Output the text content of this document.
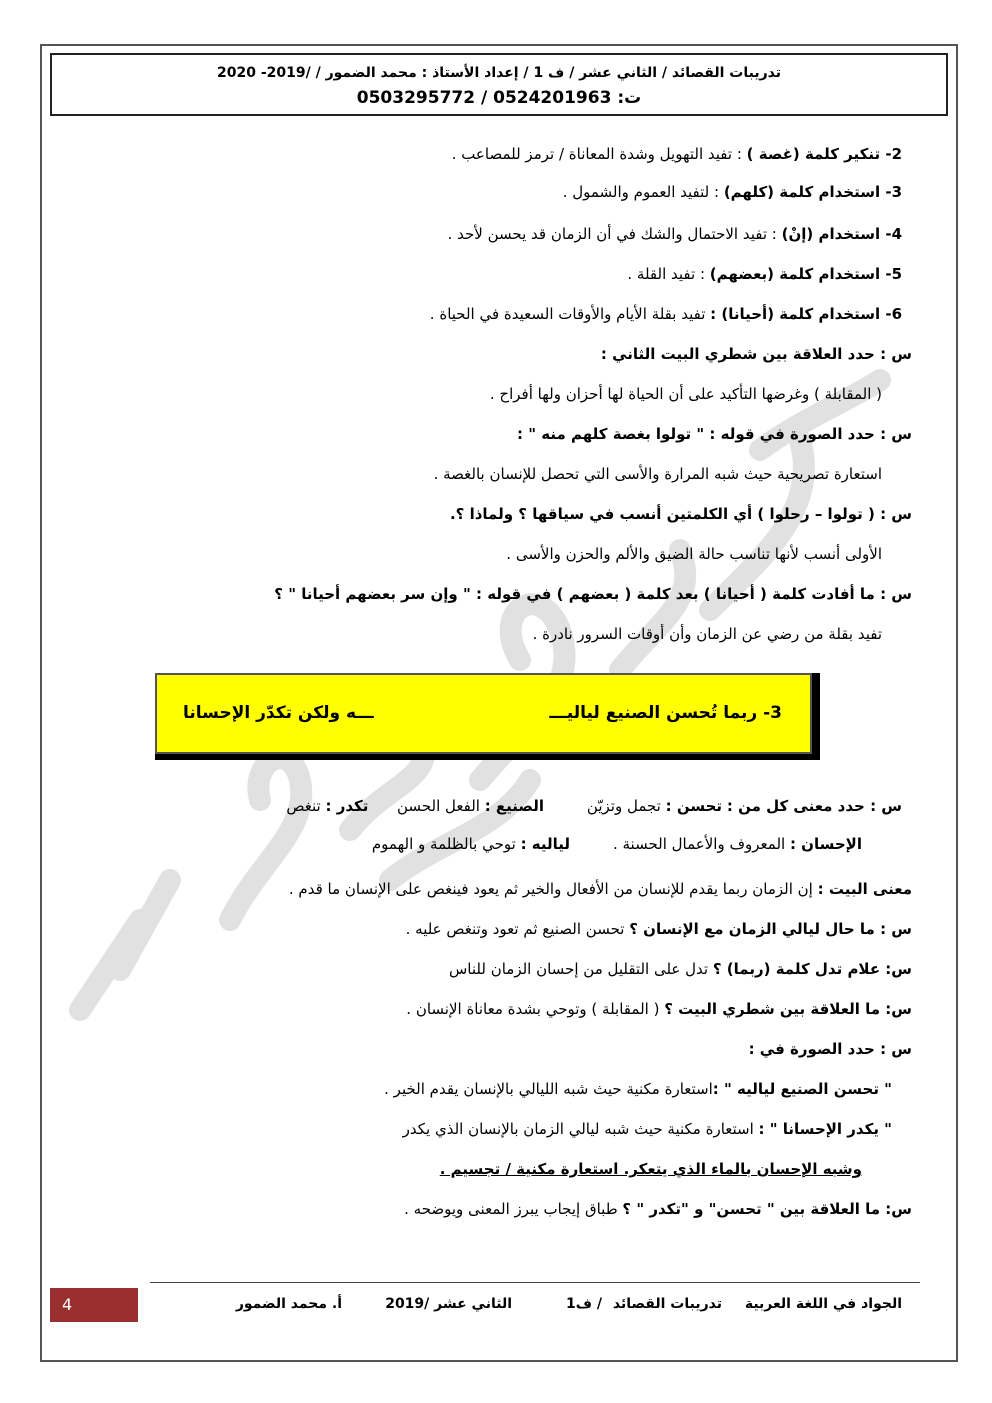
تدريبات القصائد / الثاني عشر / ف 1 / إعداد الأستاذ : محمد الضمور / /2019- 2020
ت: 0524201963 / 0503295772
2- تنكير كلمة (غصة ) : تفيد التهويل وشدة المعاناة / ترمز للمصاعب .
3- استخدام كلمة (كلهم) : لتفيد العموم والشمول .
4- استخدام (إنْ) : تفيد الاحتمال والشك في أن الزمان قد يحسن لأحد .
5- استخدام كلمة (بعضهم) : تفيد القلة .
6- استخدام كلمة (أحيانا) : تفيد بقلة الأيام والأوقات السعيدة في الحياة .
س : حدد العلاقة بين شطري البيت الثاني :
( المقابلة ) وغرضها التأكيد على أن الحياة لها أحزان ولها أفراح .
س : حدد الصورة في قوله : " تولوا بغصة كلهم منه " :
استعارة تصريحية حيث شبه المرارة والأسى التي تحصل للإنسان بالغصة .
س : ( تولوا – رحلوا ) أي الكلمتين أنسب في سياقها ؟ ولماذا ؟.
الأولى أنسب لأنها تناسب حالة الضيق والألم والحزن والأسى .
س : ما أفادت كلمة ( أحيانا ) بعد كلمة ( بعضهم ) في قوله : " وإن سر بعضهم أحيانا " ؟
تفيد بقلة من رضي عن الزمان وأن أوقات السرور نادرة .
3- ربما تُحسن الصنيع لياليـــ
ـــه ولكن تكدّر الإحسانا
س : حدد معنى كل من : تحسن : تجمل وتزيّن         الصنيع : الفعل الحسن      تكدر : تنغص
الإحسان : المعروف والأعمال الحسنة .         لياليه : توحي بالظلمة و الهموم
معنى البيت : إن الزمان ربما يقدم للإنسان من الأفعال والخير ثم يعود فينغص على الإنسان ما قدم .
س : ما حال ليالي الزمان مع الإنسان ؟ تحسن الصنيع ثم تعود وتنغص عليه .
س: علام تدل كلمة (ربما) ؟ تدل على التقليل من إحسان الزمان للناس
س: ما العلاقة بين شطري البيت ؟ ( المقابلة ) وتوحي بشدة معاناة الإنسان .
س : حدد الصورة في :
" تحسن الصنيع لياليه " :استعارة مكنية حيث شبه الليالي بالإنسان يقدم الخير .
" يكدر الإحسانا " : استعارة مكنية حيث شبه ليالي الزمان بالإنسان الذي يكدر
وشبه الإحسان بالماء الذي يتعكر. استعارة مكنية / تجسيم .
س: ما العلاقة بين " تحسن" و "تكدر " ؟ طباق إيجاب يبرز المعنى ويوضحه .
الجواد في اللغة العربية
تدريبات القصائد
/ ف1
الثاني عشر /2019
أ. محمد الضمور
4
